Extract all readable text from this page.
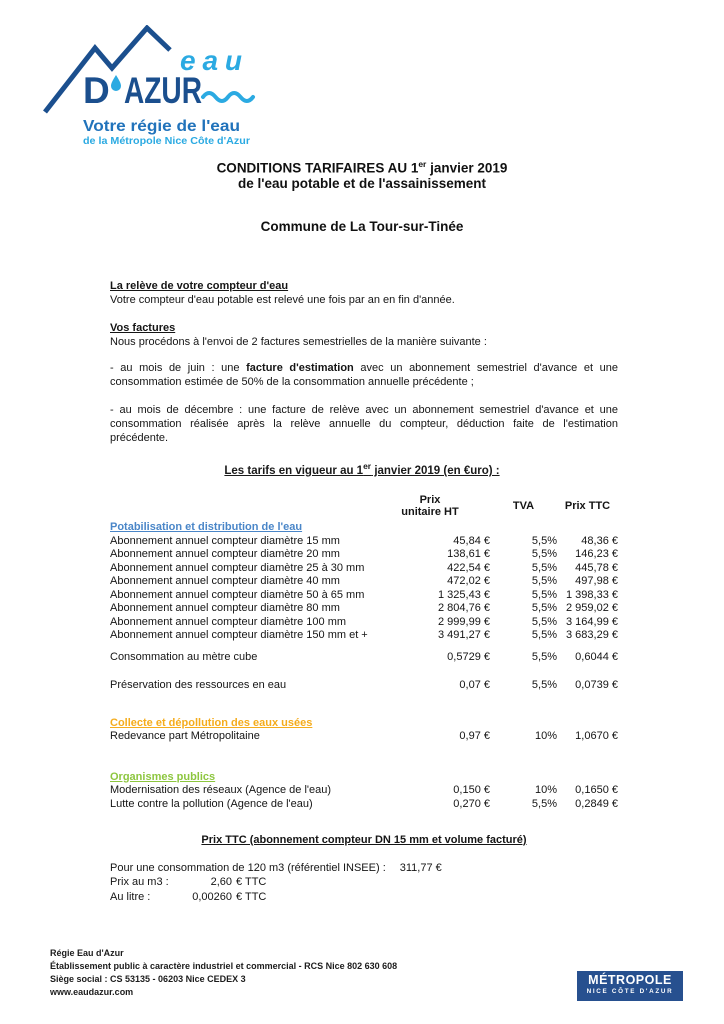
eau
D AZUR
Votre régie de l'eau
de la Métropole Nice Côte d'Azur
CONDITIONS TARIFAIRES AU 1er janvier 2019
de l'eau potable et de l'assainissement
Commune de La Tour-sur-Tinée
La relève de votre compteur d'eau
Votre compteur d'eau potable est relevé une fois par an en fin d'année.
Vos factures
Nous procédons à l'envoi de 2 factures semestrielles de la manière suivante :

- au mois de juin : une facture d'estimation avec un abonnement semestriel d'avance et une consommation estimée de 50% de la consommation annuelle précédente ;

- au mois de décembre : une facture de relève avec un abonnement semestriel d'avance et une consommation réalisée après la relève annuelle du compteur, déduction faite de l'estimation précédente.

Les tarifs en vigueur au 1er janvier 2019 (en €uro) :
Prix
unitaire HT	TVA	Prix TTC
Potabilisation et distribution de l'eau
Abonnement annuel compteur diamètre 15 mm	45,84 €	5,5%	48,36 €
Abonnement annuel compteur diamètre 20 mm	138,61 €	5,5%	146,23 €
Abonnement annuel compteur diamètre 25 à 30 mm	422,54 €	5,5%	445,78 €
Abonnement annuel compteur diamètre 40 mm	472,02 €	5,5%	497,98 €
Abonnement annuel compteur diamètre 50 à 65 mm	1 325,43 €	5,5% 1 398,33 €
Abonnement annuel compteur diamètre 80 mm	2 804,76 €	5,5% 2 959,02 €
Abonnement annuel compteur diamètre 100 mm	2 999,99 €	5,5% 3 164,99 €
Abonnement annuel compteur diamètre 150 mm et +	3 491,27 €	5,5% 3 683,29 €
Consommation au mètre cube	0,5729 €	5,5%	0,6044 €
Préservation des ressources en eau	0,07 €	5,5%	0,0739 €
Collecte et dépollution des eaux usées
Redevance part Métropolitaine	0,97 €	10%	1,0670 €
Organismes publics
Modernisation des réseaux (Agence de l'eau)	0,150 €	10%	0,1650 €
Lutte contre la pollution (Agence de l'eau)	0,270 €	5,5%	0,2849 €
Prix TTC (abonnement compteur DN 15 mm et volume facturé)
Pour une consommation de 120 m3 (référentiel INSEE) : 311,77 €
Prix au m3 :	2,60 € TTC
Au litre :	0,00260 € TTC
Régie Eau d'Azur
Établissement public à caractère industriel et commercial - RCS Nice 802 630 608
Siège social : CS 53135 - 06203 Nice CEDEX 3
www.eaudazur.com
MÉTROPOLE
NICE CÔTE D'AZUR
